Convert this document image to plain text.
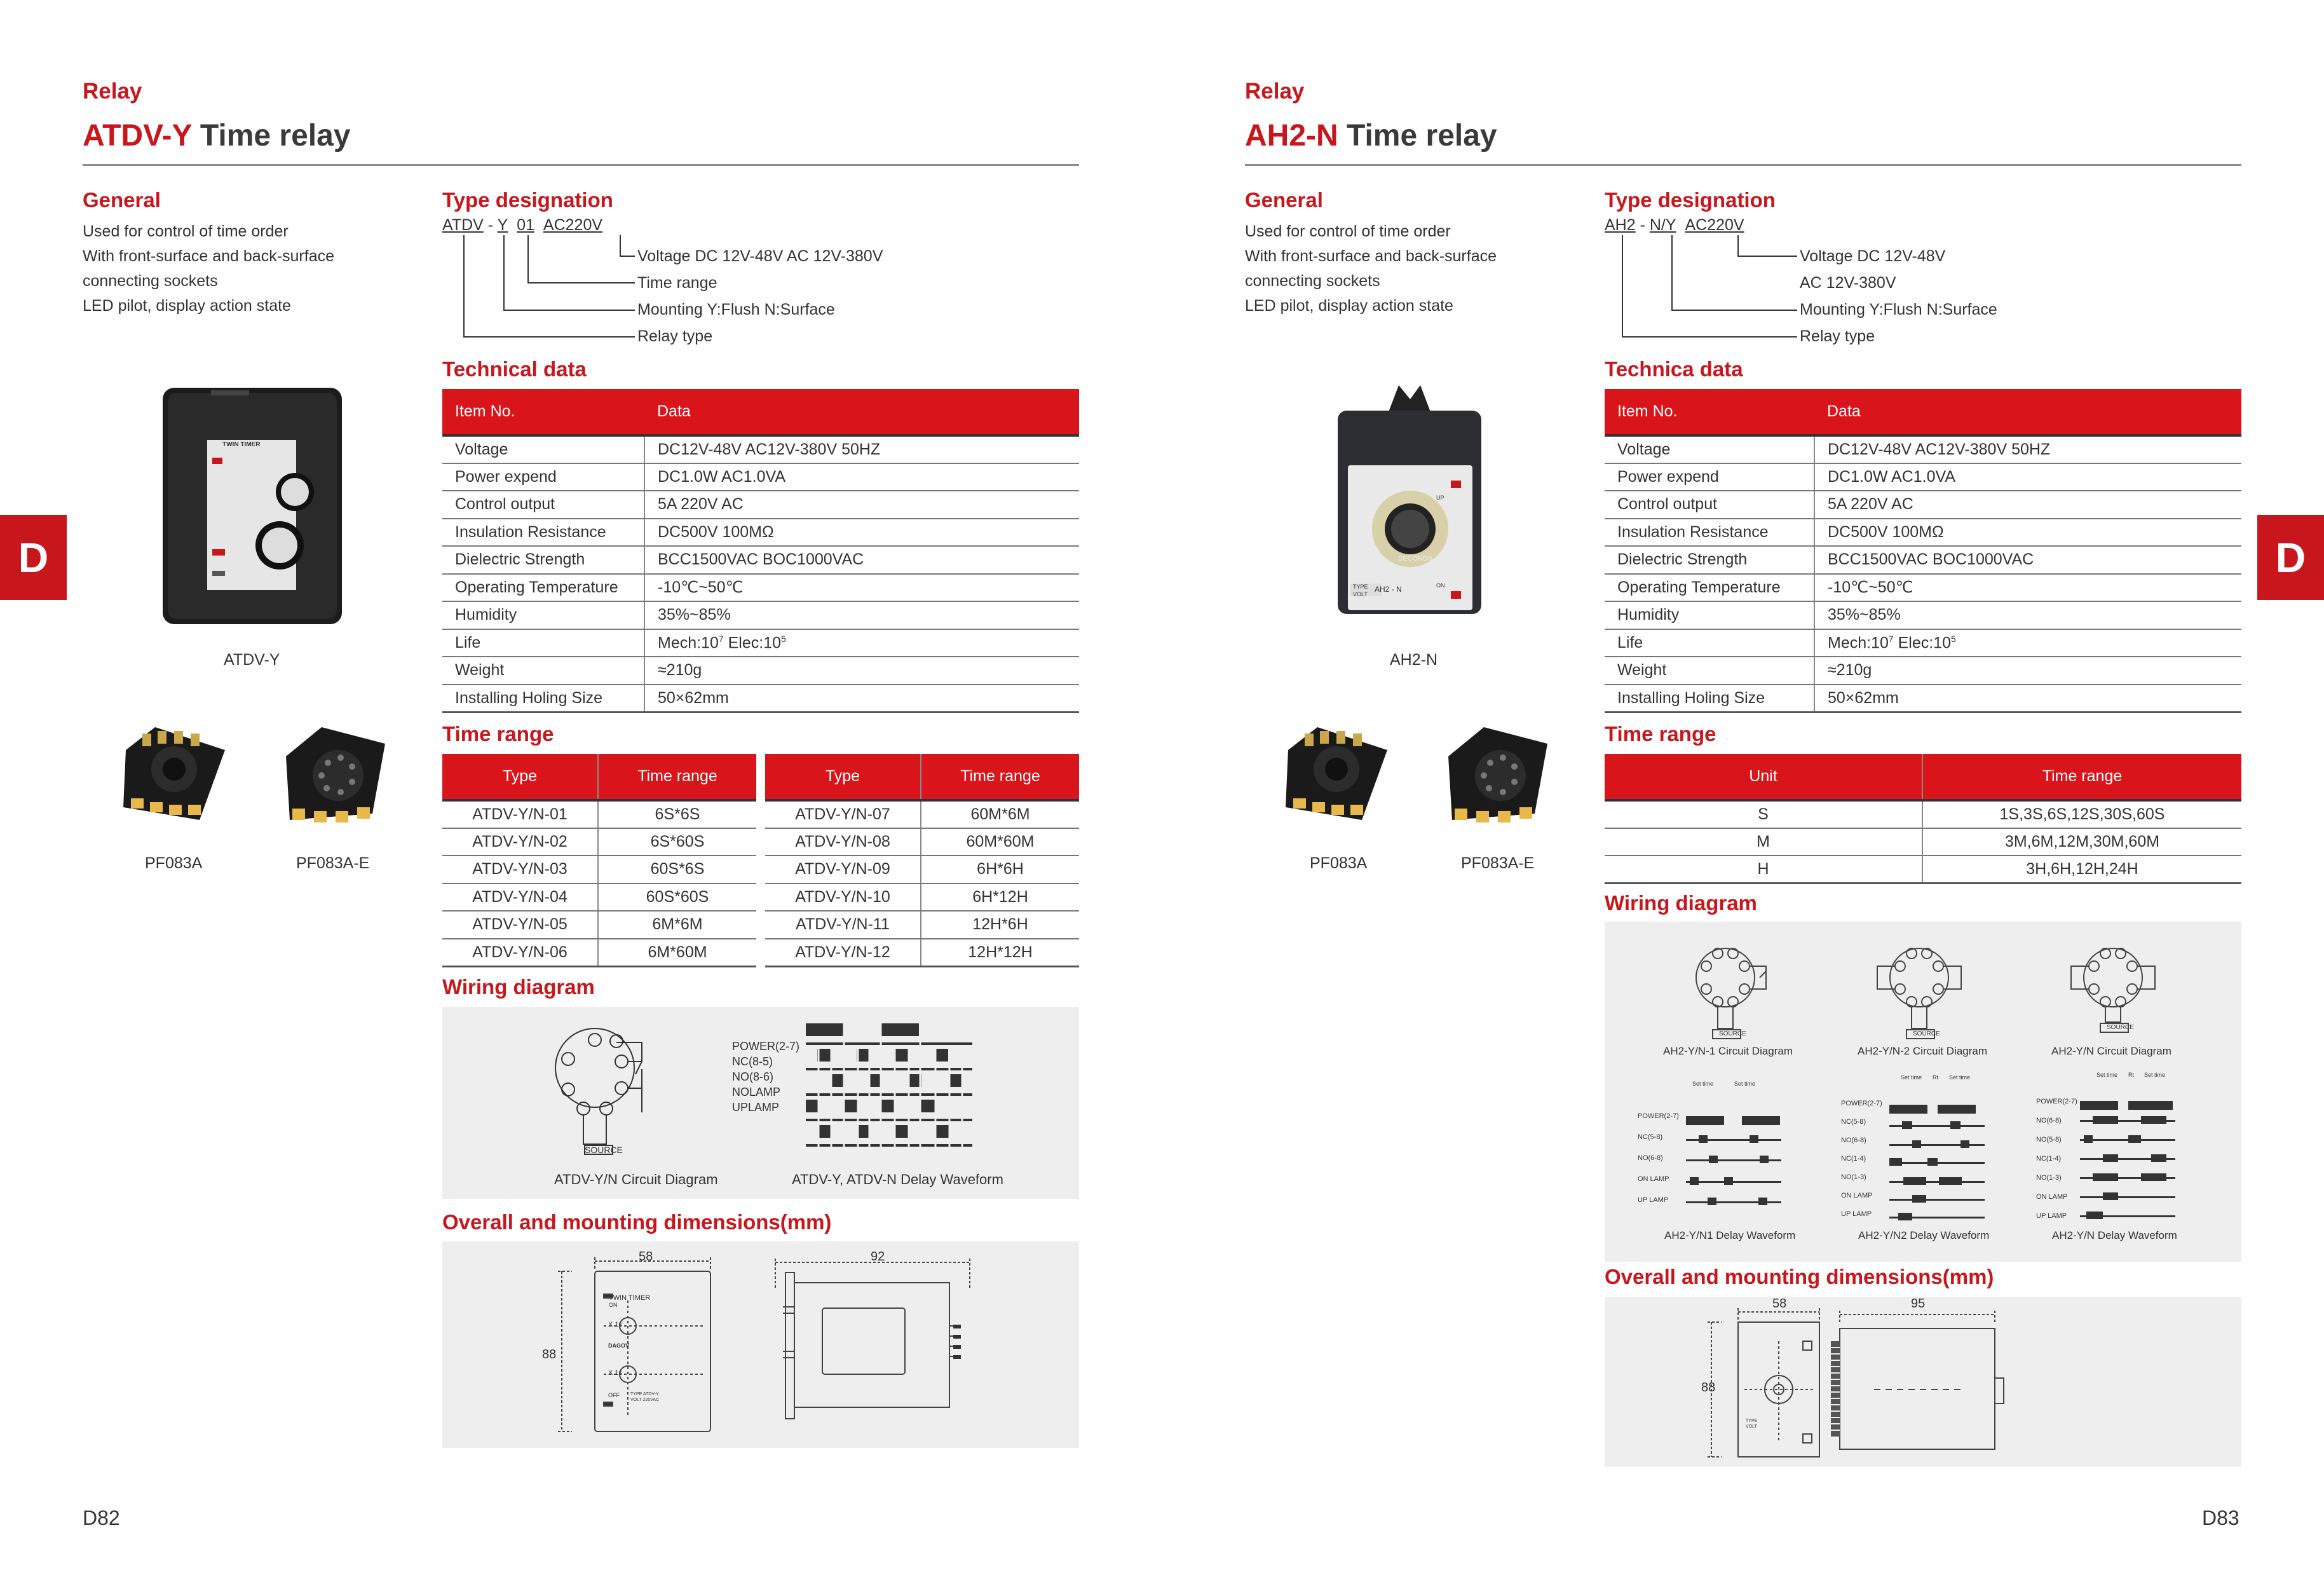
Relay
ATDV-Y Time relay
General
Used for control of time order
With front-surface and back-surface
connecting sockets
LED pilot, display action state
Type designation
ATDV - Y 01 AC220V
Voltage DC 12V-48V AC 12V-380V
Time range
Mounting Y:Flush N:Surface
Relay type
Technical data
Item No.	Data
Voltage	DC12V-48V AC12V-380V 50HZ
Power expend	DC1.0W AC1.0VA
Control output	5A 220V AC
Insulation Resistance	DC500V 100MΩ
Dielectric Strength	BCC1500VAC BOC1000VAC
Operating Temperature	-10℃~50℃
Humidity	35%~85%
Life	$Mech:10^7$ $Elec:10^5$
Weight	≈210g
Installing Holing Size	50×62mm
Time range
Type	Time range
ATDV-Y/N-01	6S*6S
ATDV-Y/N-02	6S*60S
ATDV-Y/N-03	60S*6S
ATDV-Y/N-04	60S*60S
ATDV-Y/N-05	6M*6M
ATDV-Y/N-06	6M*60M
Type	Time range
ATDV-Y/N-07	60M*6M
ATDV-Y/N-08	60M*60M
ATDV-Y/N-09	6H*6H
ATDV-Y/N-10	6H*12H
ATDV-Y/N-11	12H*6H
ATDV-Y/N-12	12H*12H
Wiring diagram
SOURCE
POWER(2-7)
NC(8-5)
NO(8-6)
NOLAMP
UPLAMP
ATDV-Y/N Circuit Diagram	ATDV-Y, ATDV-N Delay Waveform
Overall and mounting dimensions(mm)
58
88
92
TWIN TIMER
ON
X 1s
DAGOV
X 1s
OFF TYPE ATDV-Y
VOLT 220VAC
TWIN TIMER
ATDV-Y
PF083A	PF083A-E
D
D82
Relay
AH2-N Time relay
General
Used for control of time order
With front-surface and back-surface
connecting sockets
LED pilot, display action state
Type designation
AH2 - N/Y AC220V
Voltage DC 12V-48V
AC 12V-380V
Mounting Y:Flush N:Surface
Relay type
Technica data
Item No.	Data
Voltage	DC12V-48V AC12V-380V 50HZ
Power expend	DC1.0W AC1.0VA
Control output	5A 220V AC
Insulation Resistance	DC500V 100MΩ
Dielectric Strength	BCC1500VAC BOC1000VAC
Operating Temperature	-10℃~50℃
Humidity	35%~85%
Life	$Mech:10^7$ $Elec:10^5$
Weight	≈210g
Installing Holing Size	50×62mm
Time range
Unit	Time range
S	1S,3S,6S,12S,30S,60S
M	3M,6M,12M,30M,60M
H	3H,6H,12H,24H
Wiring diagram
SOURCE	SOURCE
SOURCE
AH2-Y/N-1 Circuit Diagram	AH2-Y/N-2 Circuit Diagram	AH2-Y/N Circuit Diagram
POWER(2-7)
NC(5-8)
NO(6-8)
ON LAMP
UP LAMP
POWER(2-7)
NC(5-8)
NO(6-8)
NC(1-4)
NO(1-3)
ON LAMP
UP LAMP
POWER(2-7)
NO(6-8)
NO(5-8)
NC(1-4)
NO(1-3)
ON LAMP
UP LAMP
Set time	Set time
Set time Rt Set time	Set time Rt Set time
AH2-Y/N1 Delay Waveform	AH2-Y/N2 Delay Waveform	AH2-Y/N Delay Waveform
Overall and mounting dimensions(mm)
58
88
95
TYPE
VOLT
SECONDS
UP
ON
TYPE
VOLT
AH2 - N
AH2-N
PF083A	PF083A-E
D
D83
